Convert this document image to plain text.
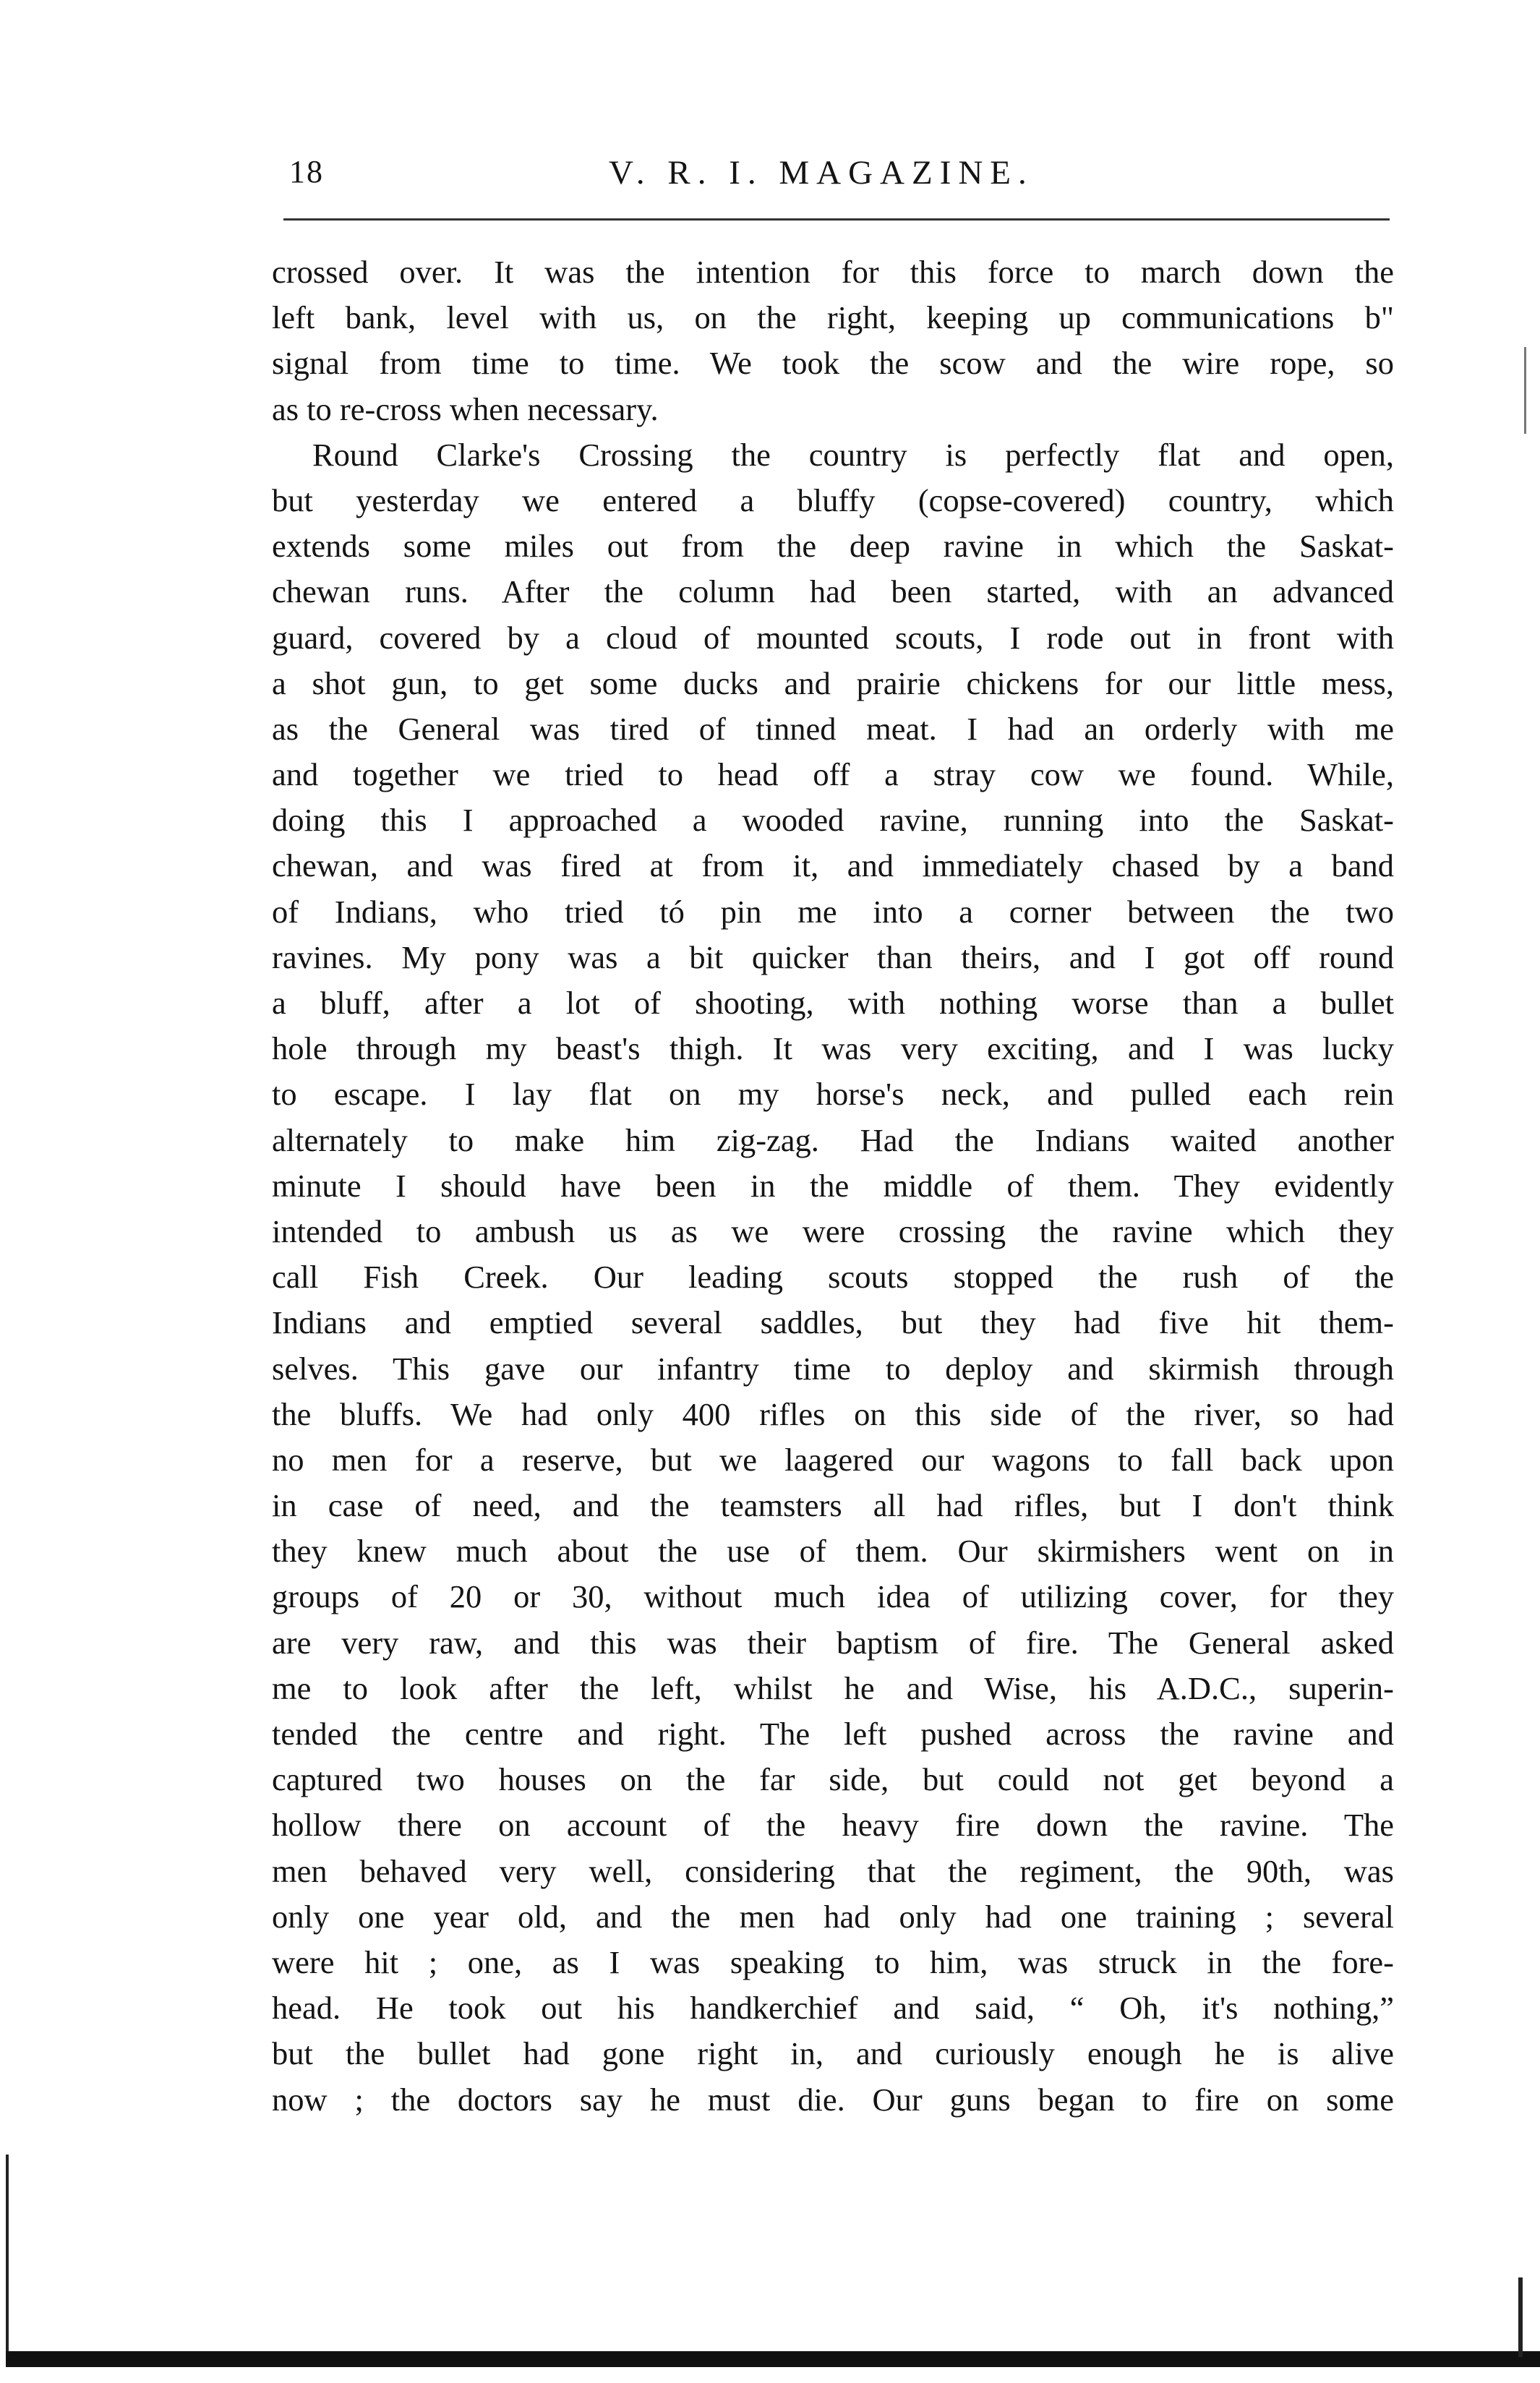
18	V. R. I. MAGAZINE.
crossed over. It was the intention for this force to march down the
left bank, level with us, on the right, keeping up communications b"
signal from time to time. We took the scow and the wire rope, so
as to re-cross when necessary.
Round Clarke's Crossing the country is perfectly flat and open,
but yesterday we entered a bluffy (copse-covered) country, which
extends some miles out from the deep ravine in which the Saskat-
chewan runs. After the column had been started, with an advanced
guard, covered by a cloud of mounted scouts, I rode out in front with
a shot gun, to get some ducks and prairie chickens for our little mess,
as the General was tired of tinned meat. I had an orderly with me
and together we tried to head off a stray cow we found. While,
doing this I approached a wooded ravine, running into the Saskat-
chewan, and was fired at from it, and immediately chased by a band
of Indians, who tried tó pin me into a corner between the two
ravines. My pony was a bit quicker than theirs, and I got off round
a bluff, after a lot of shooting, with nothing worse than a bullet
hole through my beast's thigh. It was very exciting, and I was lucky
to escape. I lay flat on my horse's neck, and pulled each rein
alternately to make him zig-zag. Had the Indians waited another
minute I should have been in the middle of them. They evidently
intended to ambush us as we were crossing the ravine which they
call Fish Creek. Our leading scouts stopped the rush of the
Indians and emptied several saddles, but they had five hit them-
selves. This gave our infantry time to deploy and skirmish through
the bluffs. We had only 400 rifles on this side of the river, so had
no men for a reserve, but we laagered our wagons to fall back upon
in case of need, and the teamsters all had rifles, but I don't think
they knew much about the use of them. Our skirmishers went on in
groups of 20 or 30, without much idea of utilizing cover, for they
are very raw, and this was their baptism of fire. The General asked
me to look after the left, whilst he and Wise, his A.D.C., superin-
tended the centre and right. The left pushed across the ravine and
captured two houses on the far side, but could not get beyond a
hollow there on account of the heavy fire down the ravine. The
men behaved very well, considering that the regiment, the 90th, was
only one year old, and the men had only had one training ; several
were hit ; one, as I was speaking to him, was struck in the fore-
head. He took out his handkerchief and said, “ Oh, it's nothing,”
but the bullet had gone right in, and curiously enough he is alive
now ; the doctors say he must die. Our guns began to fire on some
